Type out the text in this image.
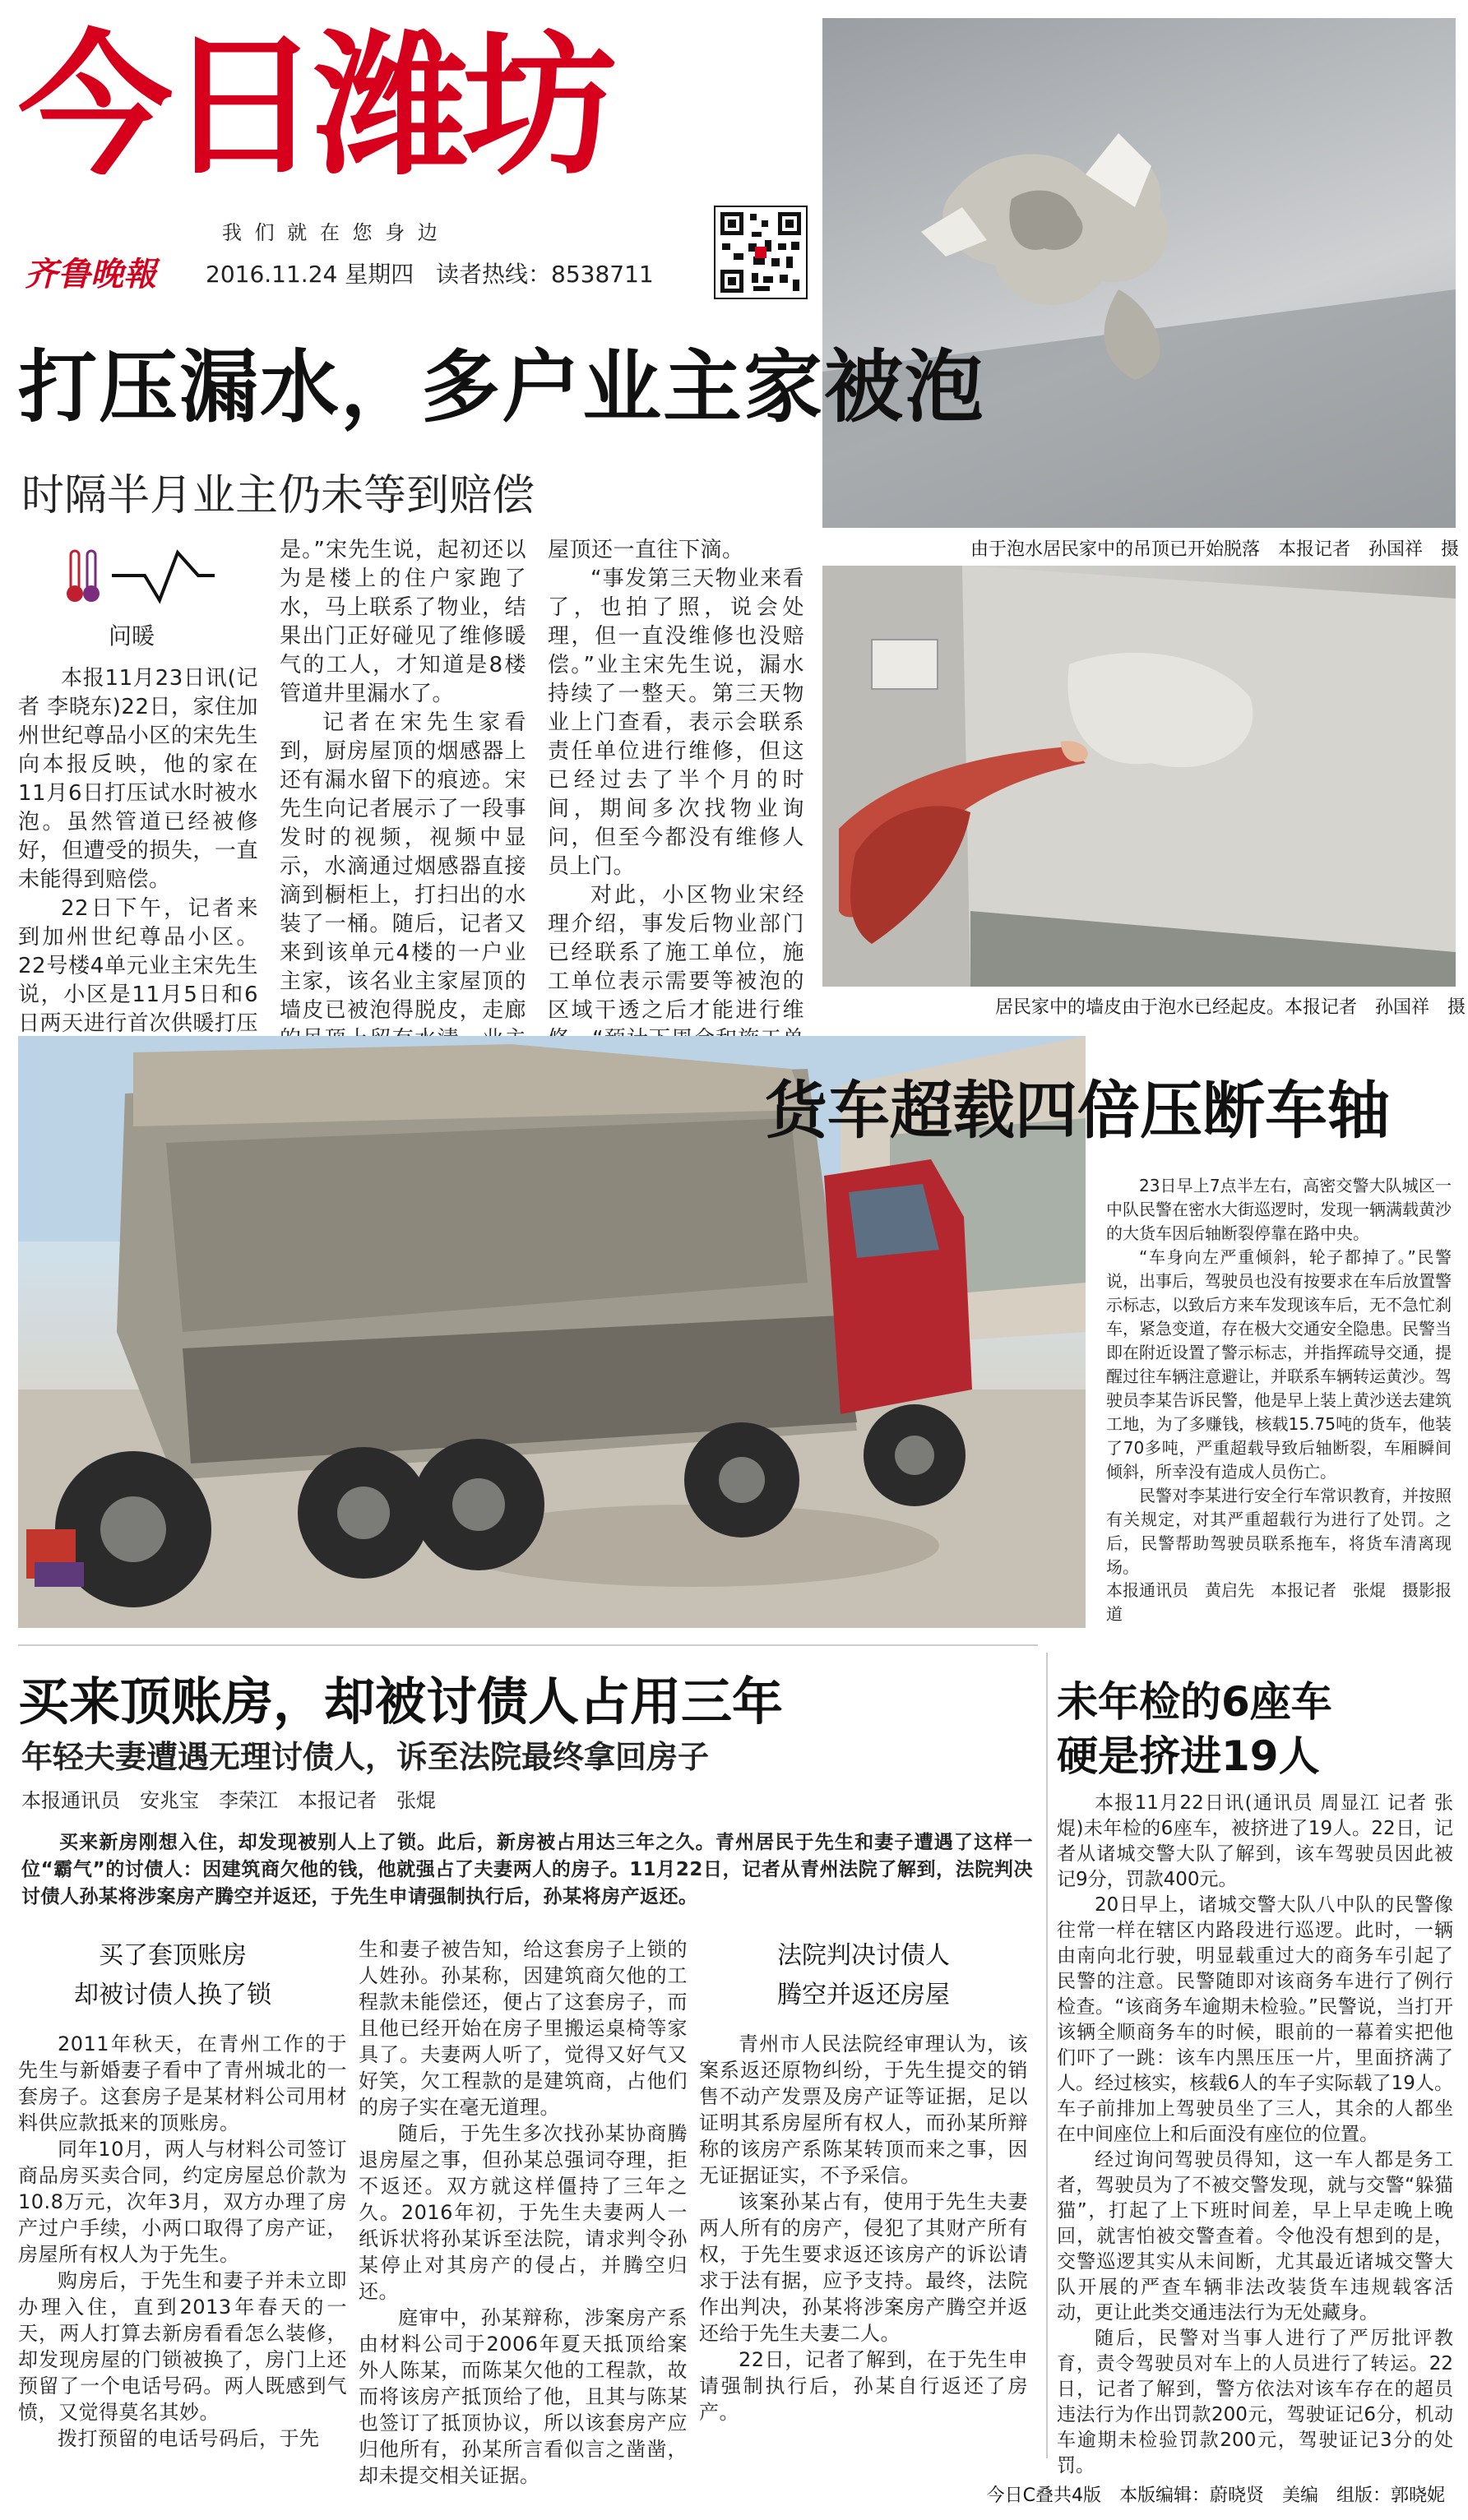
今日潍坊
我 们 就 在 您 身 边
齐鲁晚報 2016.11.24 星期四 读者热线：8538711
由于泡水居民家中的吊顶已开始脱落　本报记者　孙国祥　摄
打压漏水，多户业主家被泡
时隔半月业主仍未等到赔偿
居民家中的墙皮由于泡水已经起皮。本报记者　孙国祥　摄
问暖

本报11月23日讯(记者 李晓东)22日，家住加州世纪尊品小区的宋先生向本报反映，他的家在11月6日打压试水时被水泡。虽然管道已经被修好，但遭受的损失，一直未能得到赔偿。

22日下午，记者来到加州世纪尊品小区。22号楼4单元业主宋先生说，小区是11月5日和6日两天进行首次供暖打压

是。”宋先生说，起初还以为是楼上的住户家跑了水，马上联系了物业，结果出门正好碰见了维修暖气的工人，才知道是8楼管道井里漏水了。

记者在宋先生家看到，厨房屋顶的烟感器上还有漏水留下的痕迹。宋先生向记者展示了一段事发时的视频，视频中显示，水滴通过烟感器直接滴到橱柜上，打扫出的水装了一桶。随后，记者又来到该单元4楼的一户业主家，该名业主家屋顶的墙皮已被泡得脱皮，走廊

屋顶还一直往下滴。

“事发第三天物业来看了，也拍了照，说会处理，但一直没维修也没赔偿。”业主宋先生说，漏水持续了一整天。第三天物业上门查看，表示会联系责任单位进行维修，但这已经过去了半个月的时间，期间多次找物业询问，但至今都没有维修人员上门。

对此，小区物业宋经理介绍，事发后物业部门已经联系了施工单位，施工单位表示需要等被泡的区域干透之后才能进行维

货车超载四倍压断车轴

23日早上7点半左右，高密交警大队城区一中队民警在密水大街巡逻时，发现一辆满载黄沙的大货车因后轴断裂停靠在路中央。

“车身向左严重倾斜，轮子都掉了。”民警说，出事后，驾驶员也没有按要求在车后放置警示标志，以致后方来车发现该车后，无不急忙刹车，紧急变道，存在极大交通安全隐患。民警当即在附近设置了警示标志，并指挥疏导交通，提醒过往车辆注意避让，并联系车辆转运黄沙。驾驶员李某告诉民警，他是早上装上黄沙送去建筑工地，为了多赚钱，核载15.75吨的货车，他装了70多吨，严重超载导致后轴断裂，车厢瞬间倾斜，所幸没有造成人员伤亡。

民警对李某进行安全行车常识教育，并按照有关规定，对其严重超载行为进行了处罚。之后，民警帮助驾驶员联系拖车，将货车清离现场。

本报通讯员　黄启先　本报记者　张焜　摄影报道
买来顶账房，却被讨债人占用三年
年轻夫妻遭遇无理讨债人，诉至法院最终拿回房子
本报通讯员　安兆宝　李荣江　本报记者　张焜
买来新房刚想入住，却发现被别人上了锁。此后，新房被占用达三年之久。青州居民于先生和妻子遭遇了这样一位“霸气”的讨债人：因建筑商欠他的钱，他就强占了夫妻两人的房子。11月22日，记者从青州法院了解到，法院判决讨债人孙某将涉案房产腾空并返还，于先生申请强制执行后，孙某将房产返还。
买了套顶账房
却被讨债人换了锁

2011年秋天，在青州工作的于先生与新婚妻子看中了青州城北的一套房子。这套房子是某材料公司用材料供应款抵来的顶账房。

同年10月，两人与材料公司签订商品房买卖合同，约定房屋总价款为10.8万元，次年3月，双方办理了房产过户手续，小两口取得了房产证，房屋所有权人为于先生。

购房后，于先生和妻子并未立即办理入住，直到2013年春天的一天，两人打算去新房看看怎么装修，却发现房屋的门锁被换了，房门上还预留了一个电话号码。两人既感到气愤，又觉得莫名其妙。

拨打预留的电话号码后，于先

生和妻子被告知，给这套房子上锁的人姓孙。孙某称，因建筑商欠他的工程款未能偿还，便占了这套房子，而且他已经开始在房子里搬运桌椅等家具了。夫妻两人听了，觉得又好气又好笑，欠工程款的是建筑商，占他们的房子实在毫无道理。

随后，于先生多次找孙某协商腾退房屋之事，但孙某总强词夺理，拒不返还。双方就这样僵持了三年之久。2016年初，于先生夫妻两人一纸诉状将孙某诉至法院，请求判令孙某停止对其房产的侵占，并腾空归还。

庭审中，孙某辩称，涉案房产系由材料公司于2006年夏天抵顶给案外人陈某，而陈某欠他的工程款，故而将该房产抵顶给了他，且其与陈某也签订了抵顶协议，所以该套房产应归他所有，孙某所言看似言之凿凿，却未提交相关证据。

法院判决讨债人
腾空并返还房屋

青州市人民法院经审理认为，该案系返还原物纠纷，于先生提交的销售不动产发票及房产证等证据，足以证明其系房屋所有权人，而孙某所辩称的该房产系陈某转顶而来之事，因无证据证实，不予采信。

该案孙某占有，使用于先生夫妻两人所有的房产，侵犯了其财产所有权，于先生要求返还该房产的诉讼请求于法有据，应予支持。最终，法院作出判决，孙某将涉案房产腾空并返还给于先生夫妻二人。

22日，记者了解到，在于先生申请强制执行后，孙某自行返还了房产。

未年检的6座车
硬是挤进19人

本报11月22日讯(通讯员 周显江 记者 张焜)未年检的6座车，被挤进了19人。22日，记者从诸城交警大队了解到，该车驾驶员因此被记9分，罚款400元。

20日早上，诸城交警大队八中队的民警像往常一样在辖区内路段进行巡逻。此时，一辆由南向北行驶，明显载重过大的商务车引起了民警的注意。民警随即对该商务车进行了例行检查。“该商务车逾期未检验。”民警说，当打开该辆全顺商务车的时候，眼前的一幕着实把他们吓了一跳：该车内黑压压一片，里面挤满了人。经过核实，核载6人的车子实际载了19人。车子前排加上驾驶员坐了三人，其余的人都坐在中间座位上和后面没有座位的位置。

经过询问驾驶员得知，这一车人都是务工者，驾驶员为了不被交警发现，就与交警“躲猫猫”，打起了上下班时间差，早上早走晚上晚回，就害怕被交警查着。令他没有想到的是，交警巡逻其实从未间断，尤其最近诸城交警大队开展的严查车辆非法改装货车违规载客活动，更让此类交通违法行为无处藏身。

随后，民警对当事人进行了严厉批评教育，责令驾驶员对车上的人员进行了转运。22日，记者了解到，警方依法对该车存在的超员违法行为作出罚款200元，驾驶证记6分，机动车逾期未检验罚款200元，驾驶证记3分的处罚。

今日C叠共4版　本版编辑：蔚晓贤　美编　组版：郭晓妮
